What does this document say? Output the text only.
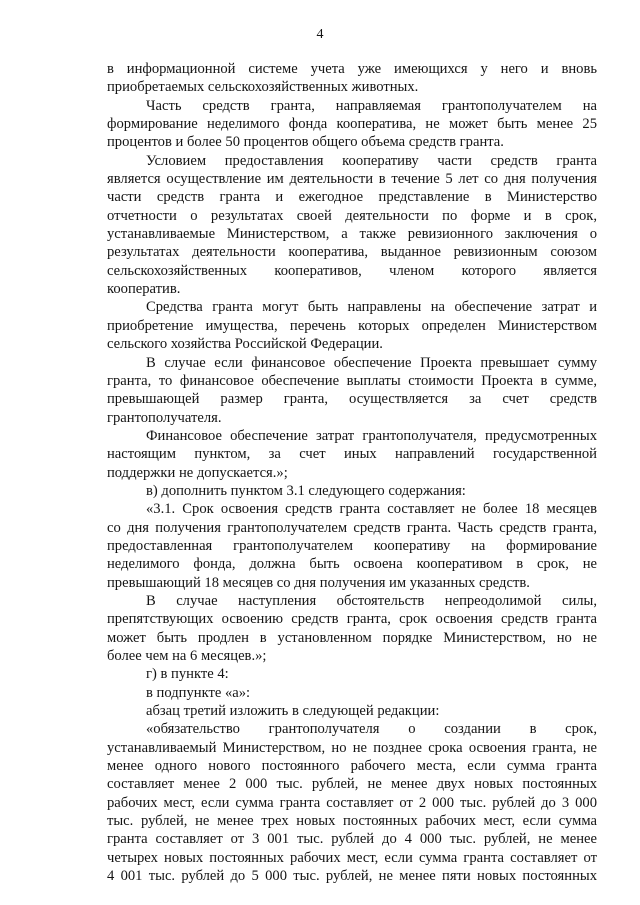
4
в информационной системе учета уже имеющихся у него и вновь
приобретаемых сельскохозяйственных животных.
Часть средств гранта, направляемая грантополучателем на
формирование неделимого фонда кооператива, не может быть менее 25
процентов и более 50 процентов общего объема средств гранта.
Условием предоставления кооперативу части средств гранта
является осуществление им деятельности в течение 5 лет со дня получения
части средств гранта и ежегодное представление в Министерство
отчетности о результатах своей деятельности по форме и в срок,
устанавливаемые Министерством, а также ревизионного заключения о
результатах деятельности кооператива, выданное ревизионным союзом
сельскохозяйственных кооперативов, членом которого является
кооператив.
Средства гранта могут быть направлены на обеспечение затрат и
приобретение имущества, перечень которых определен Министерством
сельского хозяйства Российской Федерации.
В случае если финансовое обеспечение Проекта превышает сумму
гранта, то финансовое обеспечение выплаты стоимости Проекта в сумме,
превышающей размер гранта, осуществляется за счет средств
грантополучателя.
Финансовое обеспечение затрат грантополучателя, предусмотренных
настоящим пунктом, за счет иных направлений государственной
поддержки не допускается.»;
в) дополнить пунктом 3.1 следующего содержания:
«3.1. Срок освоения средств гранта составляет не более 18 месяцев
со дня получения грантополучателем средств гранта. Часть средств гранта,
предоставленная грантополучателем кооперативу на формирование
неделимого фонда, должна быть освоена кооперативом в срок, не
превышающий 18 месяцев со дня получения им указанных средств.
В случае наступления обстоятельств непреодолимой силы,
препятствующих освоению средств гранта, срок освоения средств гранта
может быть продлен в установленном порядке Министерством, но не
более чем на 6 месяцев.»;
г) в пункте 4:
в подпункте «а»:
абзац третий изложить в следующей редакции:
«обязательство грантополучателя о создании в срок,
устанавливаемый Министерством, но не позднее срока освоения гранта, не
менее одного нового постоянного рабочего места, если сумма гранта
составляет менее 2 000 тыс. рублей, не менее двух новых постоянных
рабочих мест, если сумма гранта составляет от 2 000 тыс. рублей до 3 000
тыс. рублей, не менее трех новых постоянных рабочих мест, если сумма
гранта составляет от 3 001 тыс. рублей до 4 000 тыс. рублей, не менее
четырех новых постоянных рабочих мест, если сумма гранта составляет от
4 001 тыс. рублей до 5 000 тыс. рублей, не менее пяти новых постоянных
